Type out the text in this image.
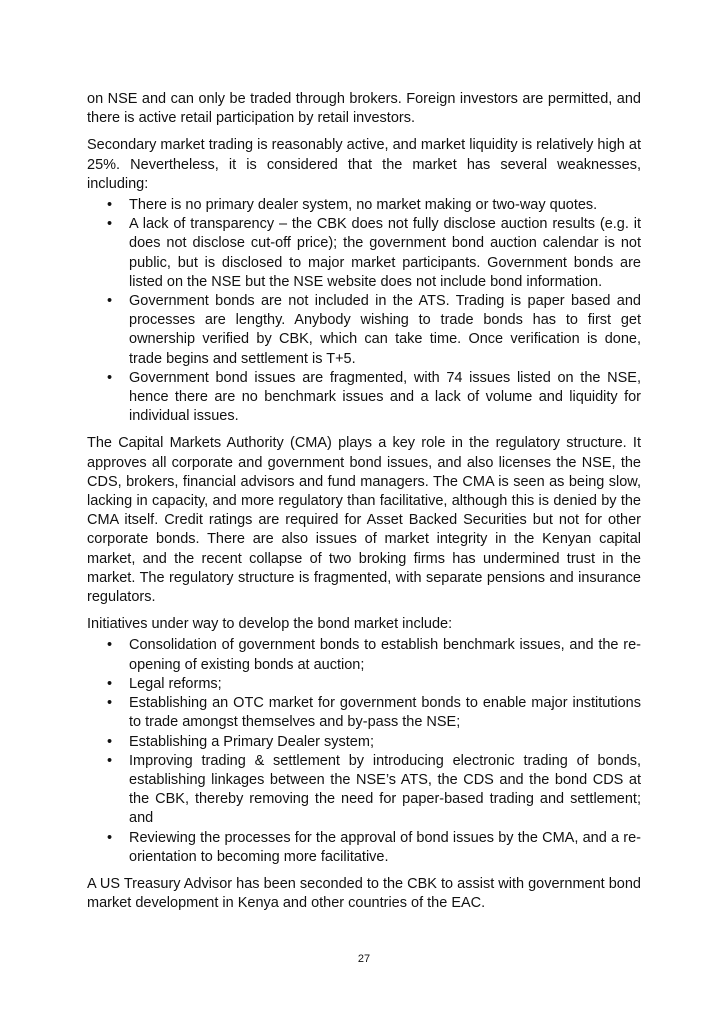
on NSE and can only be traded through brokers. Foreign investors are permitted, and there is active retail participation by retail investors.

Secondary market trading is reasonably active, and market liquidity is relatively high at 25%. Nevertheless, it is considered that the market has several weaknesses, including:

• There is no primary dealer system, no market making or two-way quotes.
• A lack of transparency – the CBK does not fully disclose auction results (e.g. it does not disclose cut-off price); the government bond auction calendar is not public, but is disclosed to major market participants. Government bonds are listed on the NSE but the NSE website does not include bond information.
• Government bonds are not included in the ATS. Trading is paper based and processes are lengthy. Anybody wishing to trade bonds has to first get ownership verified by CBK, which can take time. Once verification is done, trade begins and settlement is T+5.
• Government bond issues are fragmented, with 74 issues listed on the NSE, hence there are no benchmark issues and a lack of volume and liquidity for individual issues.

The Capital Markets Authority (CMA) plays a key role in the regulatory structure. It approves all corporate and government bond issues, and also licenses the NSE, the CDS, brokers, financial advisors and fund managers. The CMA is seen as being slow, lacking in capacity, and more regulatory than facilitative, although this is denied by the CMA itself. Credit ratings are required for Asset Backed Securities but not for other corporate bonds. There are also issues of market integrity in the Kenyan capital market, and the recent collapse of two broking firms has undermined trust in the market. The regulatory structure is fragmented, with separate pensions and insurance regulators.

Initiatives under way to develop the bond market include:

• Consolidation of government bonds to establish benchmark issues, and the re-opening of existing bonds at auction;
• Legal reforms;
• Establishing an OTC market for government bonds to enable major institutions to trade amongst themselves and by-pass the NSE;
• Establishing a Primary Dealer system;
• Improving trading & settlement by introducing electronic trading of bonds, establishing linkages between the NSE’s ATS, the CDS and the bond CDS at the CBK, thereby removing the need for paper-based trading and settlement; and
• Reviewing the processes for the approval of bond issues by the CMA, and a re-orientation to becoming more facilitative.

A US Treasury Advisor has been seconded to the CBK to assist with government bond market development in Kenya and other countries of the EAC.

27
